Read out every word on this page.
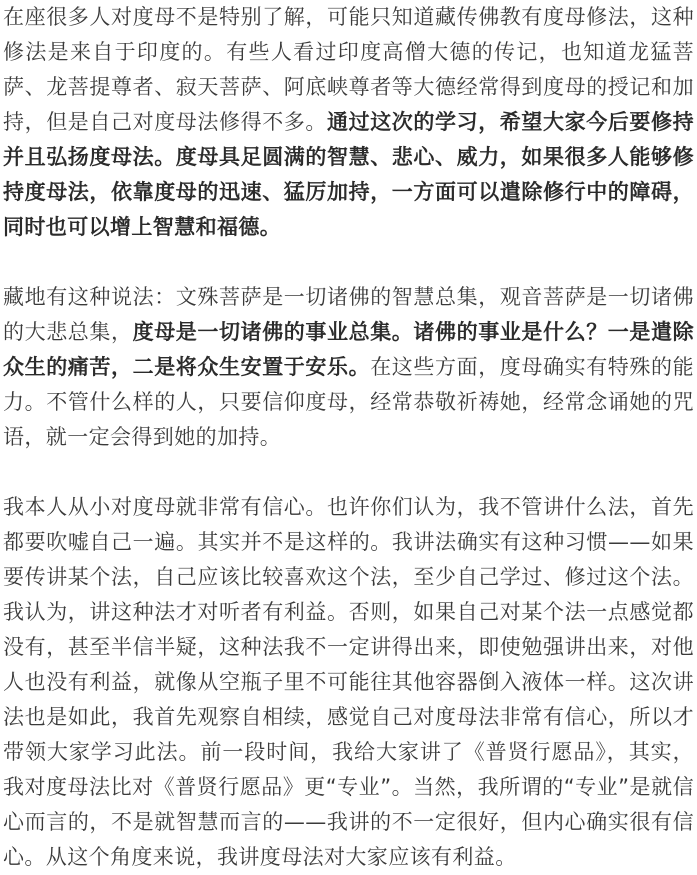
在座很多人对度母不是特别了解，可能只知道藏传佛教有度母修法，这种修法是来自于印度的。有些人看过印度高僧大德的传记，也知道龙猛菩萨、龙菩提尊者、寂天菩萨、阿底峡尊者等大德经常得到度母的授记和加持，但是自己对度母法修得不多。通过这次的学习，希望大家今后要修持并且弘扬度母法。度母具足圆满的智慧、悲心、威力，如果很多人能够修持度母法，依靠度母的迅速、猛厉加持，一方面可以遣除修行中的障碍，同时也可以增上智慧和福德。

藏地有这种说法：文殊菩萨是一切诸佛的智慧总集，观音菩萨是一切诸佛的大悲总集，度母是一切诸佛的事业总集。诸佛的事业是什么？一是遣除众生的痛苦，二是将众生安置于安乐。在这些方面，度母确实有特殊的能力。不管什么样的人，只要信仰度母，经常恭敬祈祷她，经常念诵她的咒语，就一定会得到她的加持。

我本人从小对度母就非常有信心。也许你们认为，我不管讲什么法，首先都要吹嘘自己一遍。其实并不是这样的。我讲法确实有这种习惯——如果要传讲某个法，自己应该比较喜欢这个法，至少自己学过、修过这个法。我认为，讲这种法才对听者有利益。否则，如果自己对某个法一点感觉都没有，甚至半信半疑，这种法我不一定讲得出来，即使勉强讲出来，对他人也没有利益，就像从空瓶子里不可能往其他容器倒入液体一样。这次讲法也是如此，我首先观察自相续，感觉自己对度母法非常有信心，所以才带领大家学习此法。前一段时间，我给大家讲了《普贤行愿品》，其实，我对度母法比对《普贤行愿品》更“专业”。当然，我所谓的“专业”是就信心而言的，不是就智慧而言的——我讲的不一定很好，但内心确实很有信心。从这个角度来说，我讲度母法对大家应该有利益。
